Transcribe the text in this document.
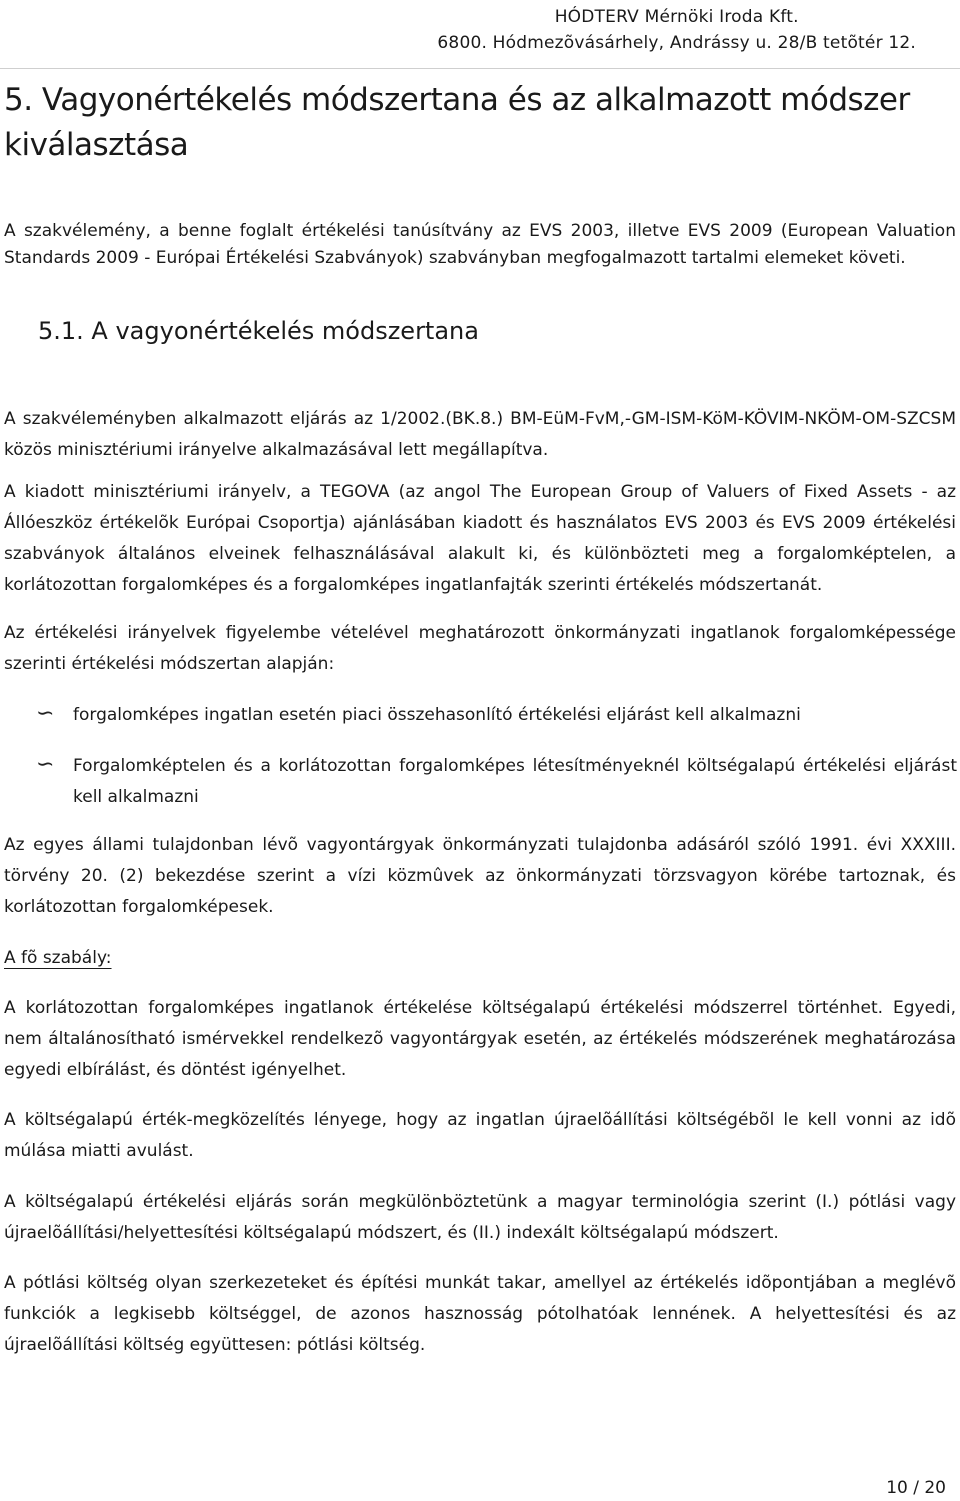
HÓDTERV Mérnöki Iroda Kft.
6800. Hódmezõvásárhely, Andrássy u. 28/B tetõtér 12.
5. Vagyonértékelés módszertana és az alkalmazott módszer kiválasztása

A szakvélemény, a benne foglalt értékelési tanúsítvány az EVS 2003, illetve EVS 2009 (European Valuation Standards 2009 - Európai Értékelési Szabványok) szabványban megfogalmazott tartalmi elemeket követi.

5.1. A vagyonértékelés módszertana

A szakvéleményben alkalmazott eljárás az 1/2002.(BK.8.) BM-EüM-FvM,-GM-ISM-KöM-KÖVIM-NKÖM-OM-SZCSM közös minisztériumi irányelve alkalmazásával lett megállapítva.

A kiadott minisztériumi irányelv, a TEGOVA (az angol The European Group of Valuers of Fixed Assets - az Állóeszköz értékelõk Európai Csoportja) ajánlásában kiadott és használatos EVS 2003 és EVS 2009 értékelési szabványok általános elveinek felhasználásával alakult ki, és különbözteti meg a forgalomképtelen, a korlátozottan forgalomképes és a forgalomképes ingatlanfajták szerinti értékelés módszertanát.

Az értékelési irányelvek figyelembe vételével meghatározott önkormányzati ingatlanok forgalomképessége szerinti értékelési módszertan alapján:

∽ forgalomképes ingatlan esetén piaci összehasonlító értékelési eljárást kell alkalmazni

∽ Forgalomképtelen és a korlátozottan forgalomképes létesítményeknél költségalapú értékelési eljárást kell alkalmazni

Az egyes állami tulajdonban lévõ vagyontárgyak önkormányzati tulajdonba adásáról szóló 1991. évi XXXIII. törvény 20. (2) bekezdése szerint a vízi közmûvek az önkormányzati törzsvagyon körébe tartoznak, és korlátozottan forgalomképesek.

A fõ szabály:

A korlátozottan forgalomképes ingatlanok értékelése költségalapú értékelési módszerrel történhet. Egyedi, nem általánosítható ismérvekkel rendelkezõ vagyontárgyak esetén, az értékelés módszerének meghatározása egyedi elbírálást, és döntést igényelhet.

A költségalapú érték-megközelítés lényege, hogy az ingatlan újraelõállítási költségébõl le kell vonni az idõ múlása miatti avulást.

A költségalapú értékelési eljárás során megkülönböztetünk a magyar terminológia szerint (I.) pótlási vagy újraelõállítási/helyettesítési költségalapú módszert, és (II.) indexált költségalapú módszert.

A pótlási költség olyan szerkezeteket és építési munkát takar, amellyel az értékelés idõpontjában a meglévõ funkciók a legkisebb költséggel, de azonos hasznosság pótolhatóak lennének. A helyettesítési és az újraelõállítási költség együttesen: pótlási költség.

10 / 20
